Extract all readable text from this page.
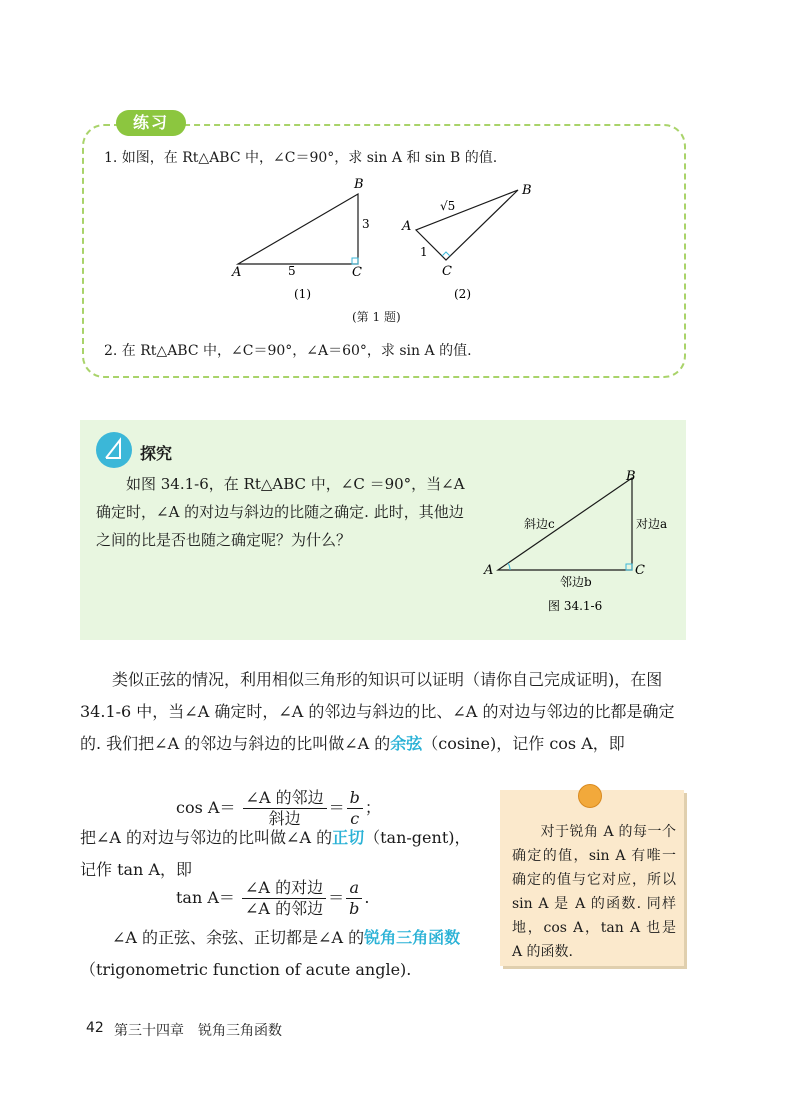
练习
1. 如图，在 Rt△ABC 中，∠C＝90°，求 sin A 和 sin B 的值.
A
B
C
5
3
(1)
A
B
C
√5
1
(2)
(第 1 题)
2. 在 Rt△ABC 中，∠C＝90°，∠A＝60°，求 sin A 的值.
探究
如图 34.1-6，在 Rt△ABC 中，∠C ＝90°，当∠A 确定时，∠A 的对边与斜边的比随之确定. 此时，其他边之间的比是否也随之确定呢？为什么？
A
B
C
斜边c	对边a
邻边b
图 34.1-6
类似正弦的情况，利用相似三角形的知识可以证明（请你自己完成证明)，在图 34.1-6 中，当∠A 确定时，∠A 的邻边与斜边的比、∠A 的对边与邻边的比都是确定的. 我们把∠A 的邻边与斜边的比叫做∠A 的余弦（cosine)，记作 cos A，即
$\cos A= \frac{\text{∠A 的邻边}}{\text{斜边}} = \frac{b}{c}$ ；
把∠A 的对边与邻边的比叫做∠A 的正切（tan-gent)，记作 tan A，即
$\tan A= \frac{\text{∠A 的对边}}{\text{∠A 的邻边}} = \frac{a}{b}$ .
∠A 的正弦、余弦、正切都是∠A 的锐角三角函数（trigonometric function of acute angle).
对于锐角 A 的每一个确定的值，sin A 有唯一确定的值与它对应，所以 sin A 是 A 的函数. 同样地，cos A，tan A 也是 A 的函数.
42 第三十四章　锐角三角函数
